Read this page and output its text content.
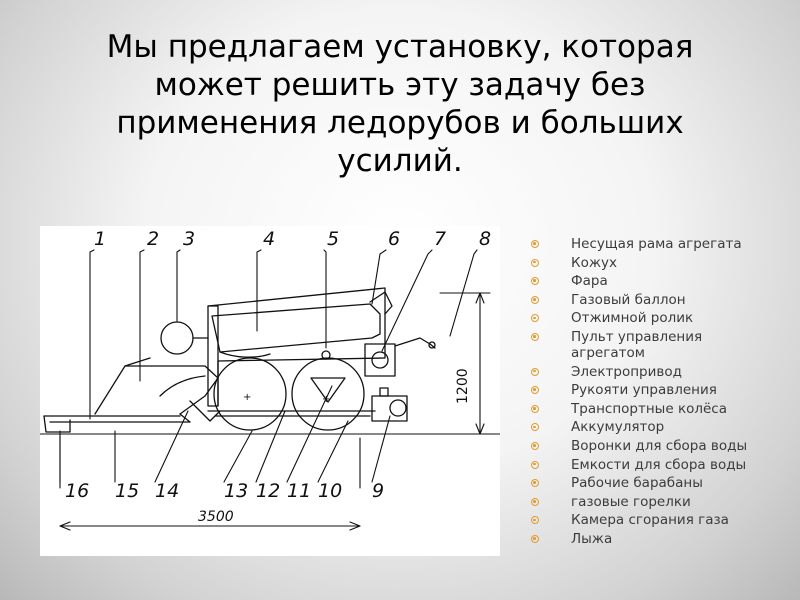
Мы предлагаем установку, которая может решить эту задачу без применения ледорубов и больших усилий.
1 2 3	4	5	6 7 8
16 15 14 13 12 11 10 9
3500
1200
+	+
Несущая рама агрегата
Кожух
Фара
Газовый баллон
Отжимной ролик
Пульт управления агрегатом
Электропривод
Рукояти управления
Транспортные колёса
Аккумулятор
Воронки для сбора воды
Емкости для сбора воды
Рабочие барабаны
газовые горелки
Камера сгорания газа
Лыжа
